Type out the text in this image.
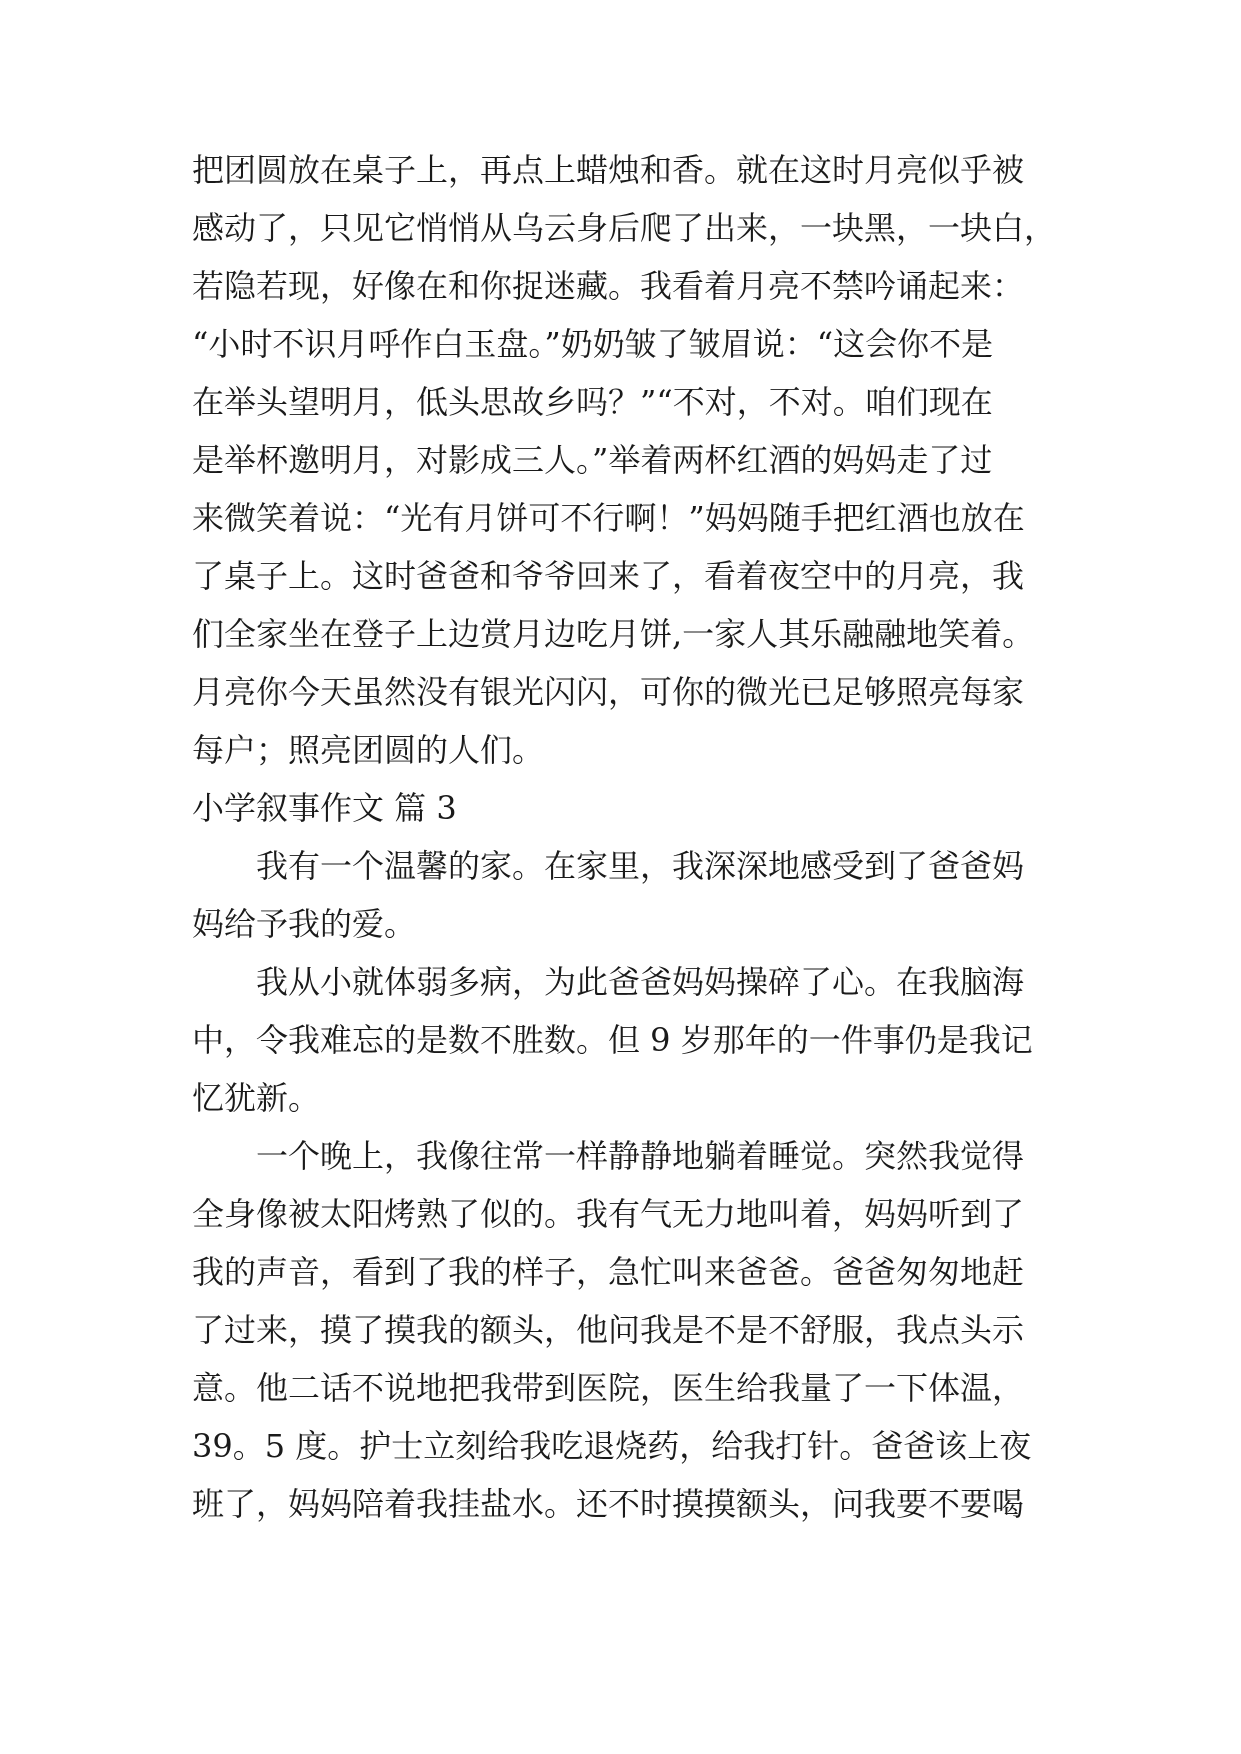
把团圆放在桌子上，再点上蜡烛和香。就在这时月亮似乎被
感动了，只见它悄悄从乌云身后爬了出来，一块黑，一块白，
若隐若现，好像在和你捉迷藏。我看着月亮不禁吟诵起来：
“小时不识月呼作白玉盘。”奶奶皱了皱眉说：“这会你不是
在举头望明月，低头思故乡吗？”“不对，不对。咱们现在
是举杯邀明月，对影成三人。”举着两杯红酒的妈妈走了过
来微笑着说：“光有月饼可不行啊！”妈妈随手把红酒也放在
了桌子上。这时爸爸和爷爷回来了，看着夜空中的月亮，我
们全家坐在登子上边赏月边吃月饼,一家人其乐融融地笑着。
月亮你今天虽然没有银光闪闪，可你的微光已足够照亮每家
每户；照亮团圆的人们。
小学叙事作文 篇 3
我有一个温馨的家。在家里，我深深地感受到了爸爸妈
妈给予我的爱。
我从小就体弱多病，为此爸爸妈妈操碎了心。在我脑海
中，令我难忘的是数不胜数。但 9 岁那年的一件事仍是我记
忆犹新。
一个晚上，我像往常一样静静地躺着睡觉。突然我觉得
全身像被太阳烤熟了似的。我有气无力地叫着，妈妈听到了
我的声音，看到了我的样子，急忙叫来爸爸。爸爸匆匆地赶
了过来，摸了摸我的额头，他问我是不是不舒服，我点头示
意。他二话不说地把我带到医院，医生给我量了一下体温，
39。5 度。护士立刻给我吃退烧药，给我打针。爸爸该上夜
班了，妈妈陪着我挂盐水。还不时摸摸额头，问我要不要喝
